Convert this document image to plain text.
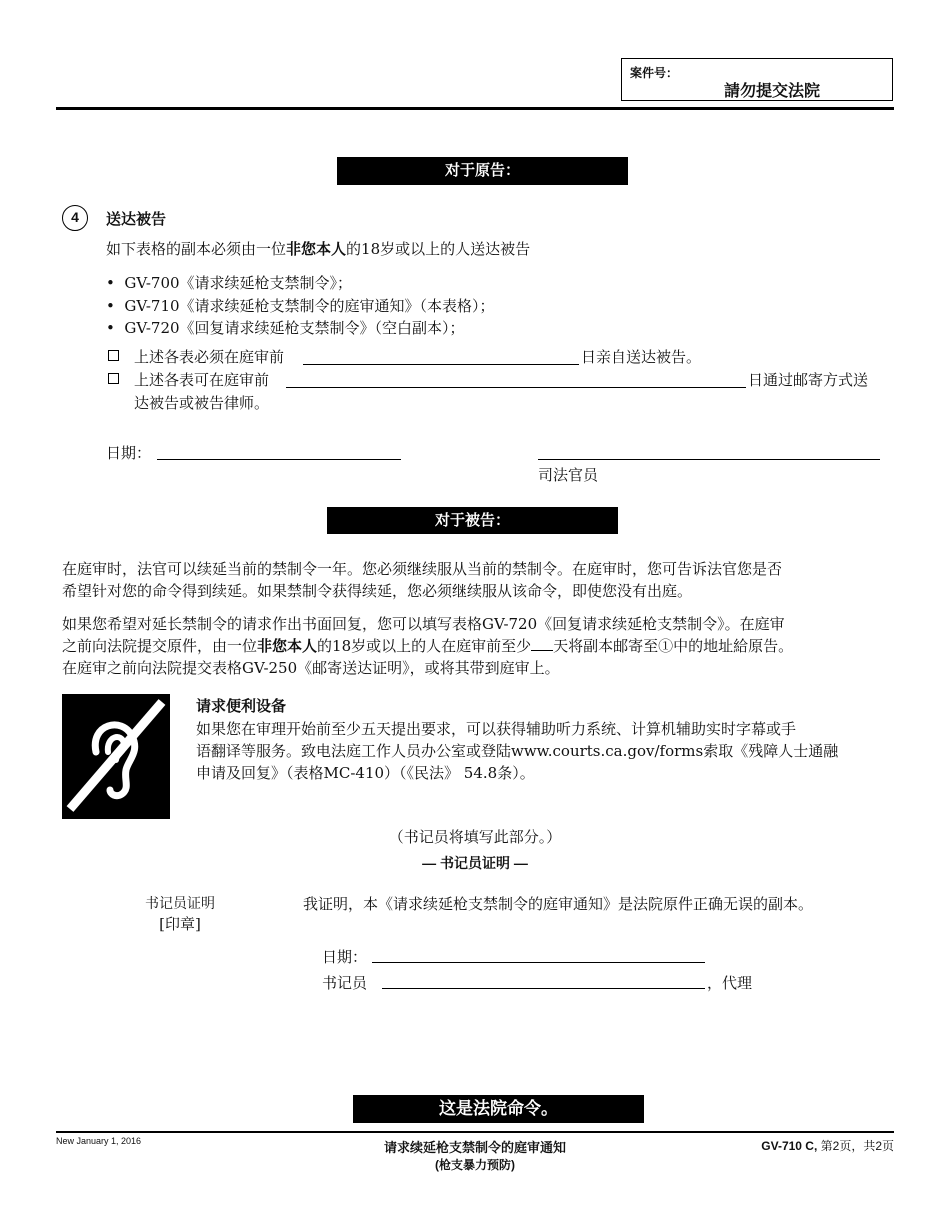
案件号：
請勿提交法院
对于原告：
4	送达被告
如下表格的副本必须由一位非您本人的18岁或以上的人送达被告
•  GV-700《请求续延枪支禁制令》；
•  GV-710《请求续延枪支禁制令的庭审通知》（本表格）；
•  GV-720《回复请求续延枪支禁制令》（空白副本）；
上述各表必须在庭审前	日亲自送达被告。
上述各表可在庭审前	日通过邮寄方式送
达被告或被告律师。
日期：
司法官员
对于被告：
在庭审时，法官可以续延当前的禁制令一年。您必须继续服从当前的禁制令。在庭审时，您可告诉法官您是否
希望针对您的命令得到续延。如果禁制令获得续延，您必须继续服从该命令，即使您没有出庭。
如果您希望对延长禁制令的请求作出书面回复，您可以填写表格GV-720《回复请求续延枪支禁制令》。在庭审
之前向法院提交原件，由一位非您本人的18岁或以上的人在庭审前至少 天将副本邮寄至①中的地址給原告。
在庭审之前向法院提交表格GV-250《邮寄送达证明》，或将其带到庭审上。
请求便利设备
如果您在审理开始前至少五天提出要求，可以获得辅助听力系统、计算机辅助实时字幕或手
语翻译等服务。致电法庭工作人员办公室或登陆www.courts.ca.gov/forms索取《残障人士通融
申请及回复》（表格MC-410）（《民法》 54.8条）。
（书记员将填写此部分。）
— 书记员证明 —
书记员证明
[印章]
我证明，本《请求续延枪支禁制令的庭审通知》是法院原件正确无误的副本。
日期：
书记员	，代理
这是法院命令。
New January 1, 2016	请求续延枪支禁制令的庭审通知
(枪支暴力预防)
GV-710 C, 第2页，共2页
